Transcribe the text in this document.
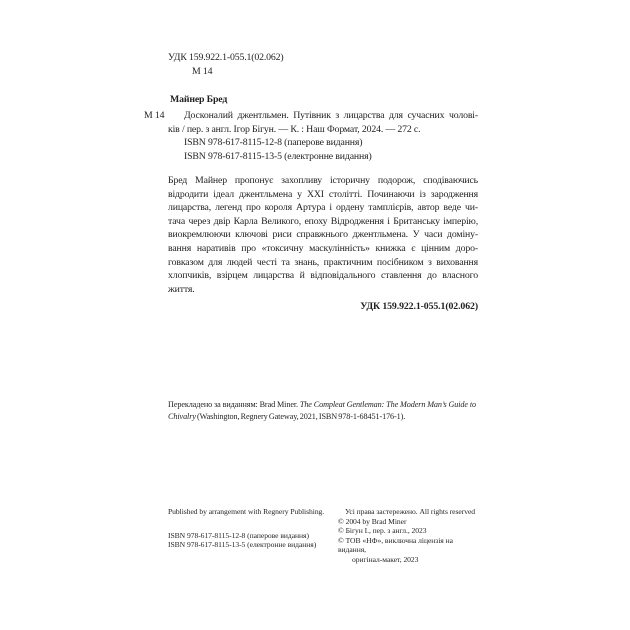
УДК 159.922.1-055.1(02.062)
М 14
Майнер Бред
М 14 Досконалий джентльмен. Путівник з лицарства для сучасних чолові-
ків / пер. з англ. Ігор Бігун. — К. : Наш Формат, 2024. — 272 с.
ISBN 978-617-8115-12-8 (паперове видання)
ISBN 978-617-8115-13-5 (електронне видання)
Бред Майнер пропонує захопливу історичну подорож, сподіваючись
відродити ідеал джентльмена у XXI столітті. Починаючи із зародження
лицарства, легенд про короля Артура і ордену тамплієрів, автор веде чи-
тача через двір Карла Великого, епоху Відродження і Британську імперію,
виокремлюючи ключові риси справжнього джентльмена. У часи доміну-
вання наративів про «токсичну маскулінність» книжка є цінним доро-
говказом для людей честі та знань, практичним посібником з виховання
хлопчиків, взірцем лицарства й відповідального ставлення до власного
життя.
УДК 159.922.1-055.1(02.062)
Перекладено за виданням: Brad Miner. The Compleat Gentleman: The Modern Man’s Guide to
Chivalry (Washington, Regnery Gateway, 2021, ISBN 978-1-68451-176-1).
Published by arrangement with Regnery Publishing.
ISBN 978-617-8115-12-8 (паперове видання)
ISBN 978-617-8115-13-5 (електронне видання)
Усі права застережено. All rights reserved
© 2004 by Brad Miner
© Бігун І., пер. з англ., 2023
© ТОВ «НФ», виключна ліцензія на видання,
оригінал-макет, 2023
